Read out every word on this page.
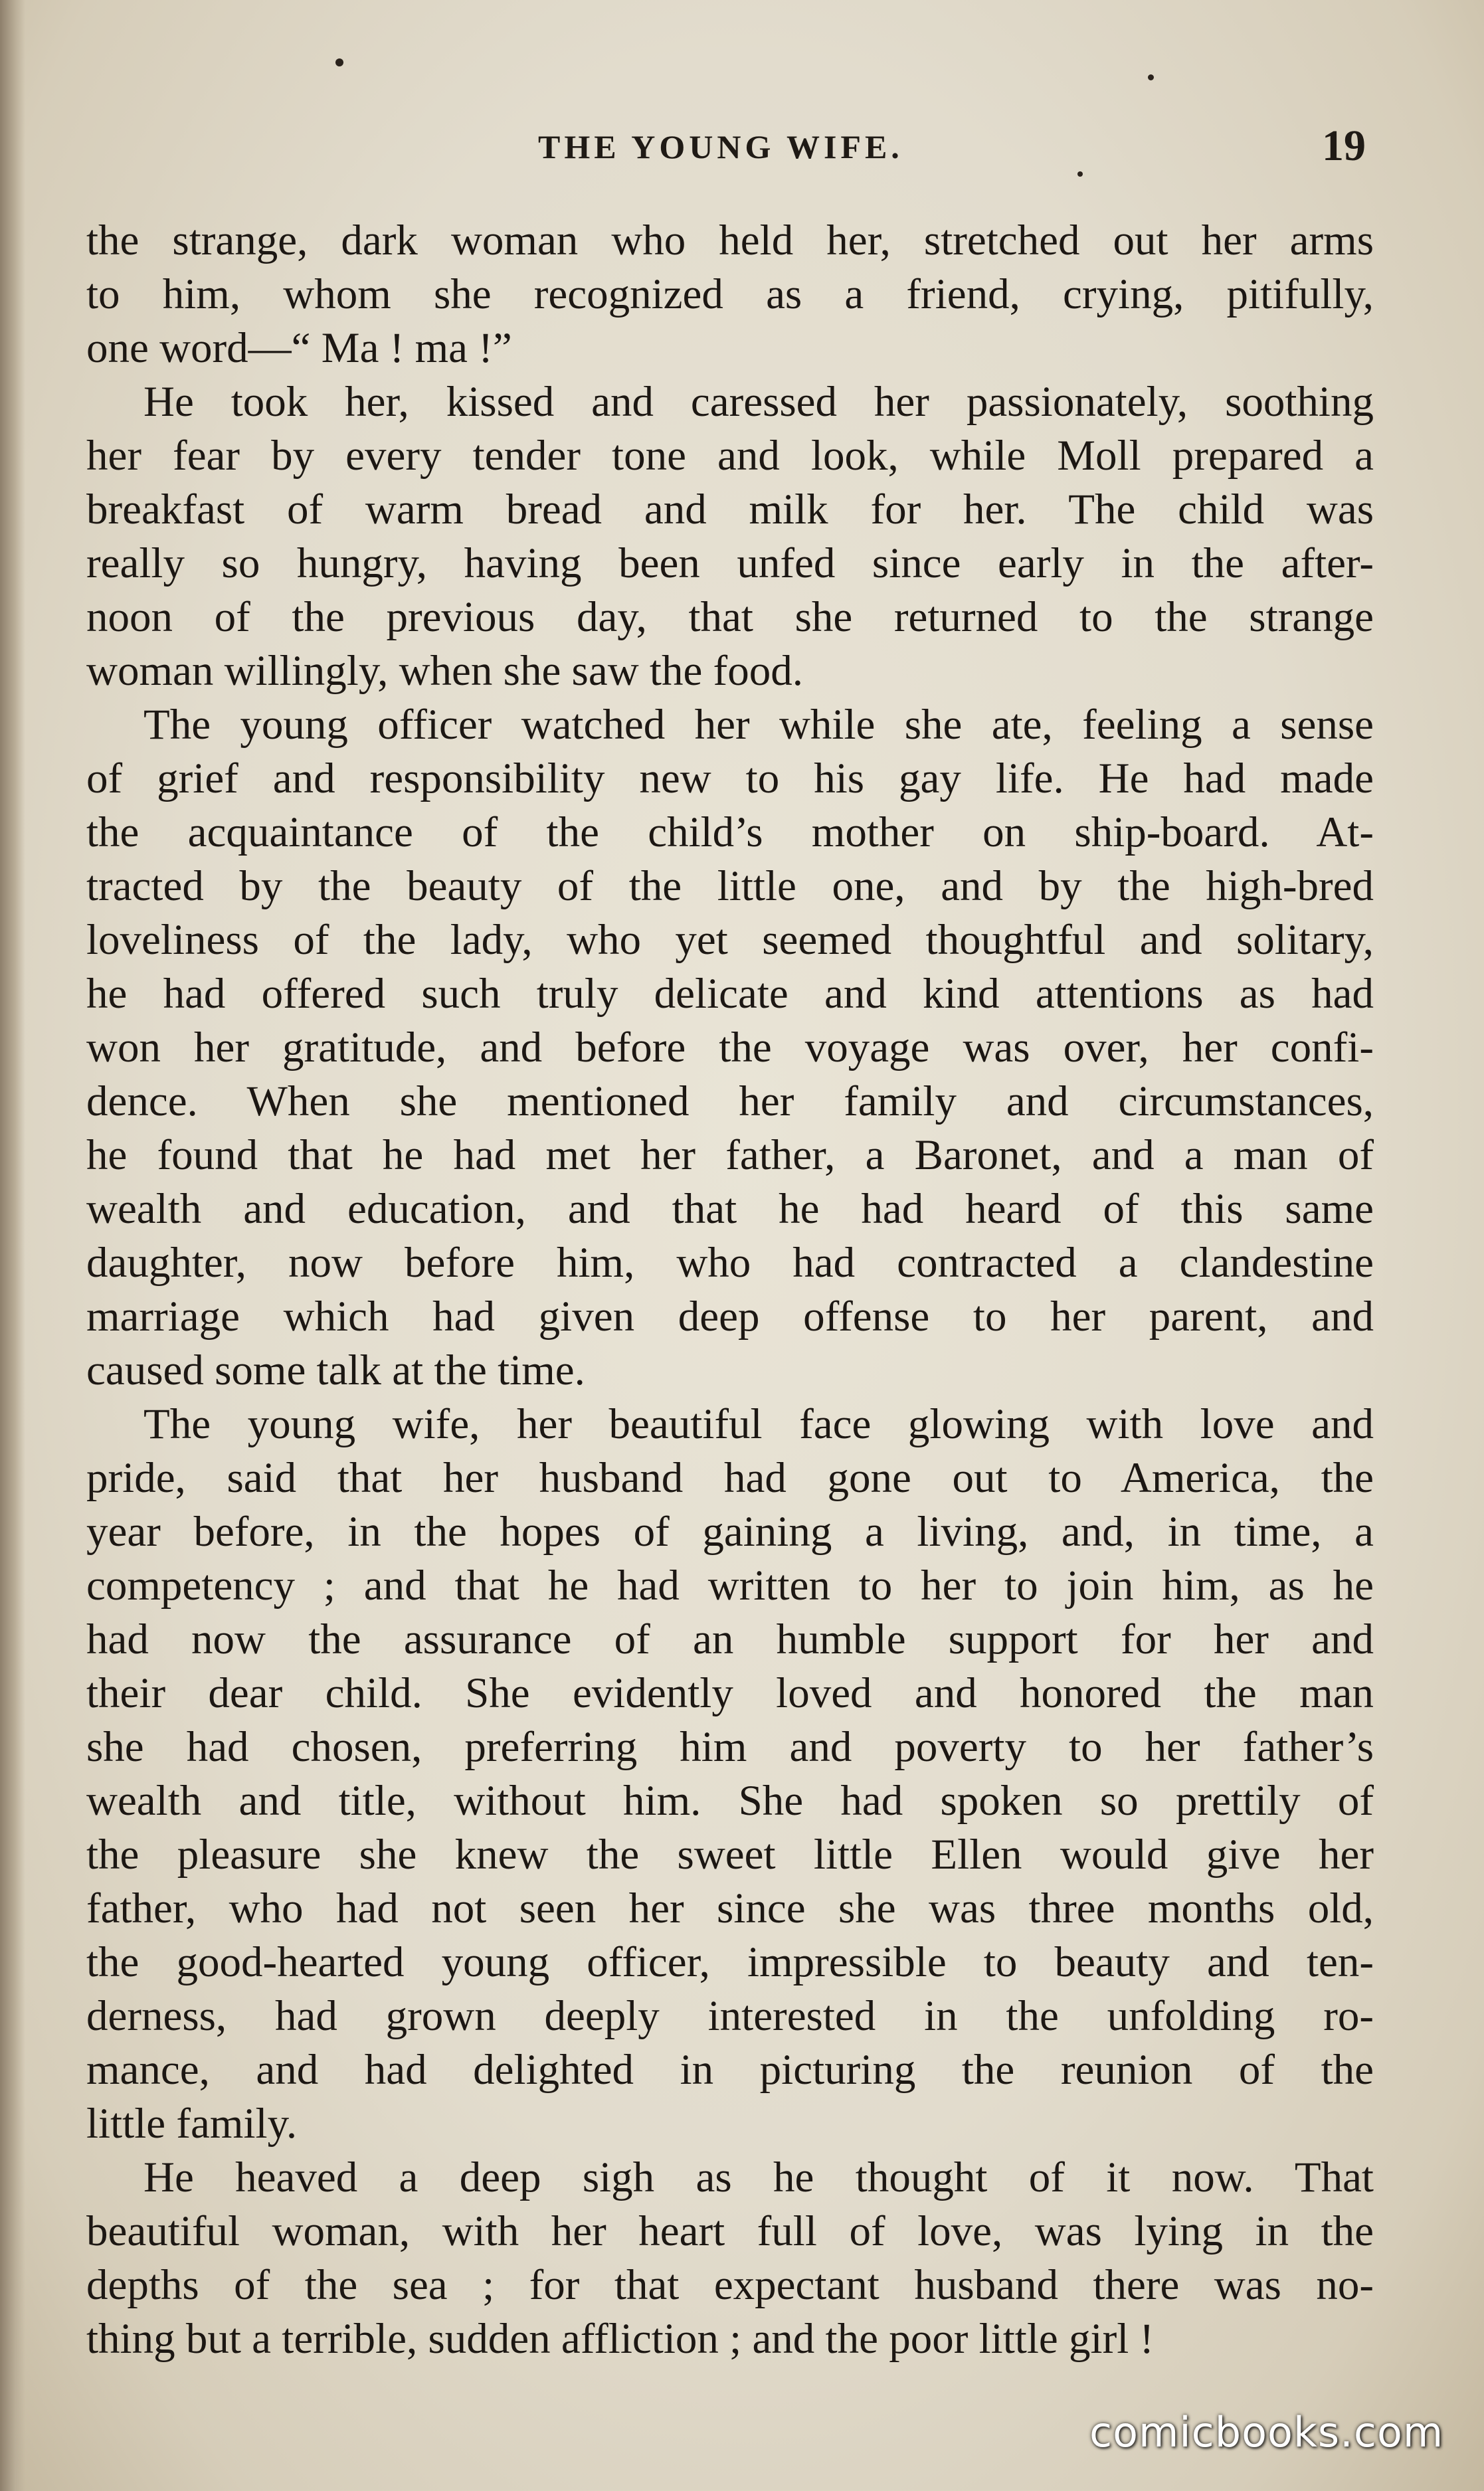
THE YOUNG WIFE.	19
the strange, dark woman who held her, stretched out her arms
to him, whom she recognized as a friend, crying, pitifully,
one word—“ Ma ! ma !”
He took her, kissed and caressed her passionately, soothing
her fear by every tender tone and look, while Moll prepared a
breakfast of warm bread and milk for her. The child was
really so hungry, having been unfed since early in the after-
noon of the previous day, that she returned to the strange
woman willingly, when she saw the food.
The young officer watched her while she ate, feeling a sense
of grief and responsibility new to his gay life. He had made
the acquaintance of the child’s mother on ship-board. At-
tracted by the beauty of the little one, and by the high-bred
loveliness of the lady, who yet seemed thoughtful and solitary,
he had offered such truly delicate and kind attentions as had
won her gratitude, and before the voyage was over, her confi-
dence. When she mentioned her family and circumstances,
he found that he had met her father, a Baronet, and a man of
wealth and education, and that he had heard of this same
daughter, now before him, who had contracted a clandestine
marriage which had given deep offense to her parent, and
caused some talk at the time.
The young wife, her beautiful face glowing with love and
pride, said that her husband had gone out to America, the
year before, in the hopes of gaining a living, and, in time, a
competency ; and that he had written to her to join him, as he
had now the assurance of an humble support for her and
their dear child. She evidently loved and honored the man
she had chosen, preferring him and poverty to her father’s
wealth and title, without him. She had spoken so prettily of
the pleasure she knew the sweet little Ellen would give her
father, who had not seen her since she was three months old,
the good-hearted young officer, impressible to beauty and ten-
derness, had grown deeply interested in the unfolding ro-
mance, and had delighted in picturing the reunion of the
little family.
He heaved a deep sigh as he thought of it now. That
beautiful woman, with her heart full of love, was lying in the
depths of the sea ; for that expectant husband there was no-
thing but a terrible, sudden affliction ; and the poor little girl !
comicbooks.com
